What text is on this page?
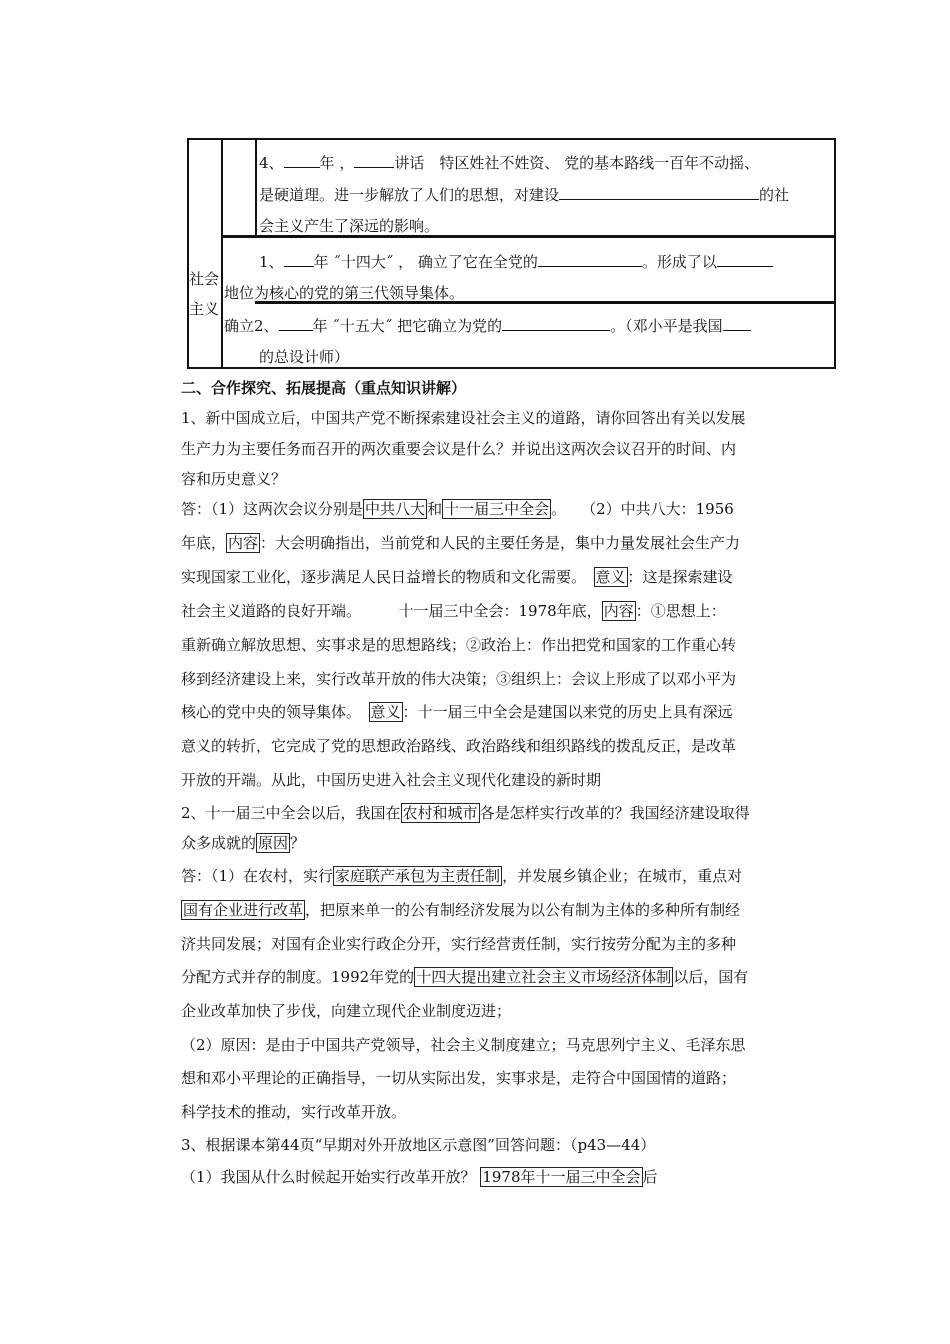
社会
主义
4、 年 ，	讲话　特区姓社不姓资、 党的基本路线一百年不动摇、
是硬道理。进一步解放了人们的思想，对建设	的社
会主义产生了深远的影响。
1、 年 ˝十四大˝ ， 确立了它在全党的	。形成了以
地位为核心的党的第三代领导集体。
确立2、 年 ˝十五大˝ 把它确立为党的	。（邓小平是我国
的总设计师）
二、合作探究、拓展提高（重点知识讲解）
1、新中国成立后，中国共产党不断探索建设社会主义的道路，请你回答出有关以发展
生产力为主要任务而召开的两次重要会议是什么？并说出这两次会议召开的时间、内
容和历史意义？
答：（1）这两次会议分别是 中共八大 和 十一届三中全会 。　　（2）中共八大：1956
年底， 内容 ：大会明确指出，当前党和人民的主要任务是，集中力量发展社会生产力
实现国家工业化，逐步满足人民日益增长的物质和文化需要。　意义 ：这是探索建设
社会主义道路的良好开端。　　　十一届三中全会：1978年底， 内容 ：①思想上：
重新确立解放思想、实事求是的思想路线；②政治上：作出把党和国家的工作重心转
移到经济建设上来，实行改革开放的伟大决策；③组织上：会议上形成了以邓小平为
核心的党中央的领导集体。　意义 ：十一届三中全会是建国以来党的历史上具有深远
意义的转折，它完成了党的思想政治路线、政治路线和组织路线的拨乱反正，是改革
开放的开端。从此，中国历史进入社会主义现代化建设的新时期
2、十一届三中全会以后，我国在 农村和城市 各是怎样实行改革的？我国经济建设取得
众多成就的 原因 ？
答：（1）在农村，实行 家庭联产承包为主责任制 ，并发展乡镇企业；在城市，重点对
国有企业进行改革 ，把原来单一的公有制经济发展为以公有制为主体的多种所有制经
济共同发展；对国有企业实行政企分开，实行经营责任制，实行按劳分配为主的多种
分配方式并存的制度。1992年党的 十四大提出建立社会主义市场经济体制 以后，国有
企业改革加快了步伐，向建立现代企业制度迈进；
（2）原因：是由于中国共产党领导，社会主义制度建立；马克思列宁主义、毛泽东思
想和邓小平理论的正确指导，一切从实际出发，实事求是，走符合中国国情的道路；
科学技术的推动，实行改革开放。
3、根据课本第44页“早期对外开放地区示意图”回答问题：（p43—44）
（1）我国从什么时候起开始实行改革开放？ 1978年十一届三中全会 后
